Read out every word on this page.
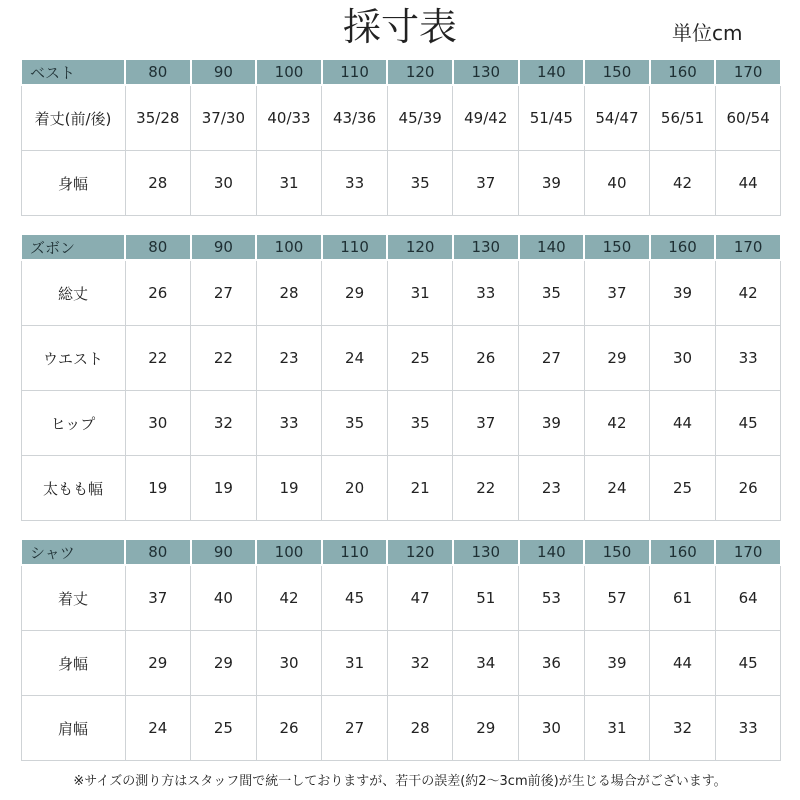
採寸表	単位cm
ベスト	80	90	100	110	120	130	140	150	160	170
着丈(前/後)	35/28	37/30	40/33	43/36	45/39	49/42	51/45	54/47	56/51	60/54
身幅	28	30	31	33	35	37	39	40	42	44
ズボン	80	90	100	110	120	130	140	150	160	170
総丈	26	27	28	29	31	33	35	37	39	42
ウエスト	22	22	23	24	25	26	27	29	30	33
ヒップ	30	32	33	35	35	37	39	42	44	45
太もも幅	19	19	19	20	21	22	23	24	25	26
シャツ	80	90	100	110	120	130	140	150	160	170
着丈	37	40	42	45	47	51	53	57	61	64
身幅	29	29	30	31	32	34	36	39	44	45
肩幅	24	25	26	27	28	29	30	31	32	33
※サイズの測り方はスタッフ間で統一しておりますが、若干の誤差(約2～3cm前後)が生じる場合がございます。
